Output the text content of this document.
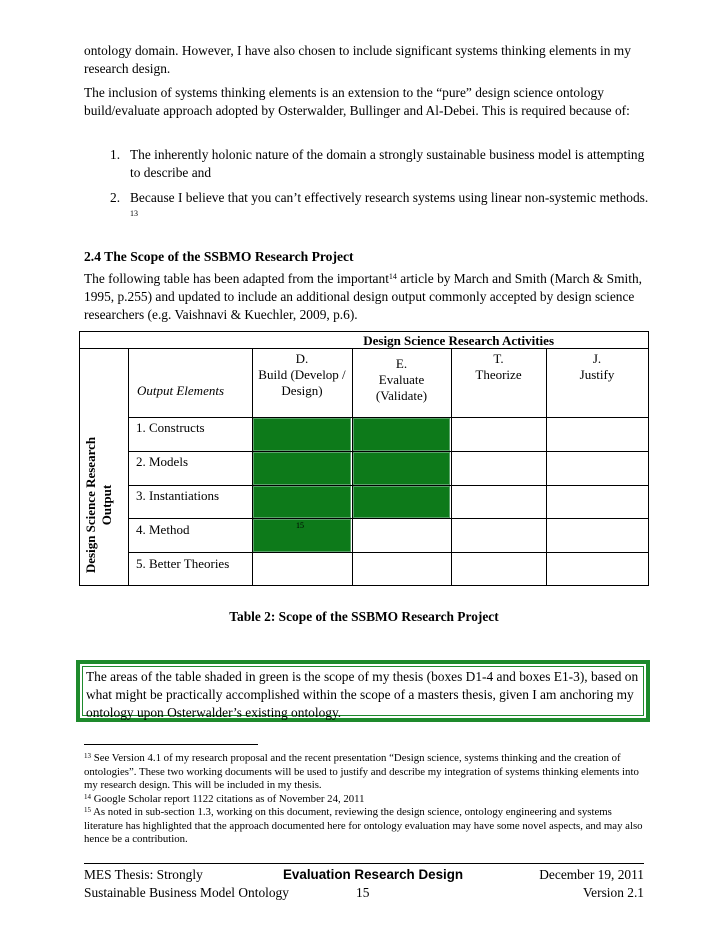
ontology domain. However, I have also chosen to include significant systems thinking elements in my research design.

The inclusion of systems thinking elements is an extension to the “pure” design science ontology build/evaluate approach adopted by Osterwalder, Bullinger and Al-Debei. This is required because of:

1. The inherently holonic nature of the domain a strongly sustainable business model is attempting to describe and
2. Because I believe that you can’t effectively research systems using linear non-systemic methods. $^{13}$
2.4 The Scope of the SSBMO Research Project

The following table has been adapted from the important$^{14}$ article by March and Smith (March & Smith, 1995, p.255) and updated to include an additional design output commonly accepted by design science researchers (e.g. Vaishnavi & Kuechler, 2009, p.6).

Design Science Research Activities
D.
Build (Develop / Design)
E.
Evaluate (Validate)
T.
Theorize
J.
Justify
Output Elements
1. Constructs
2. Models
3. Instantiations
4. Method
5. Better Theories
15
Design Science Research Output
Table 2: Scope of the SSBMO Research Project
The areas of the table shaded in green is the scope of my thesis (boxes D1-4 and boxes E1-3), based on what might be practically accomplished within the scope of a masters thesis, given I am anchoring my ontology upon Osterwalder’s existing ontology.
$^{13}$ See Version 4.1 of my research proposal and the recent presentation “Design science, systems thinking and the creation of ontologies”. These two working documents will be used to justify and describe my integration of systems thinking elements into my research design. This will be included in my thesis.
$^{14}$ Google Scholar report 1122 citations as of November 24, 2011
$^{15}$ As noted in sub-section 1.3, working on this document, reviewing the design science, ontology engineering and systems literature has highlighted that the approach documented here for ontology evaluation may have some novel aspects, and may also hence be a contribution.
MES Thesis: Strongly
Sustainable Business Model Ontology
Evaluation Research Design
15
December 19, 2011
Version 2.1
